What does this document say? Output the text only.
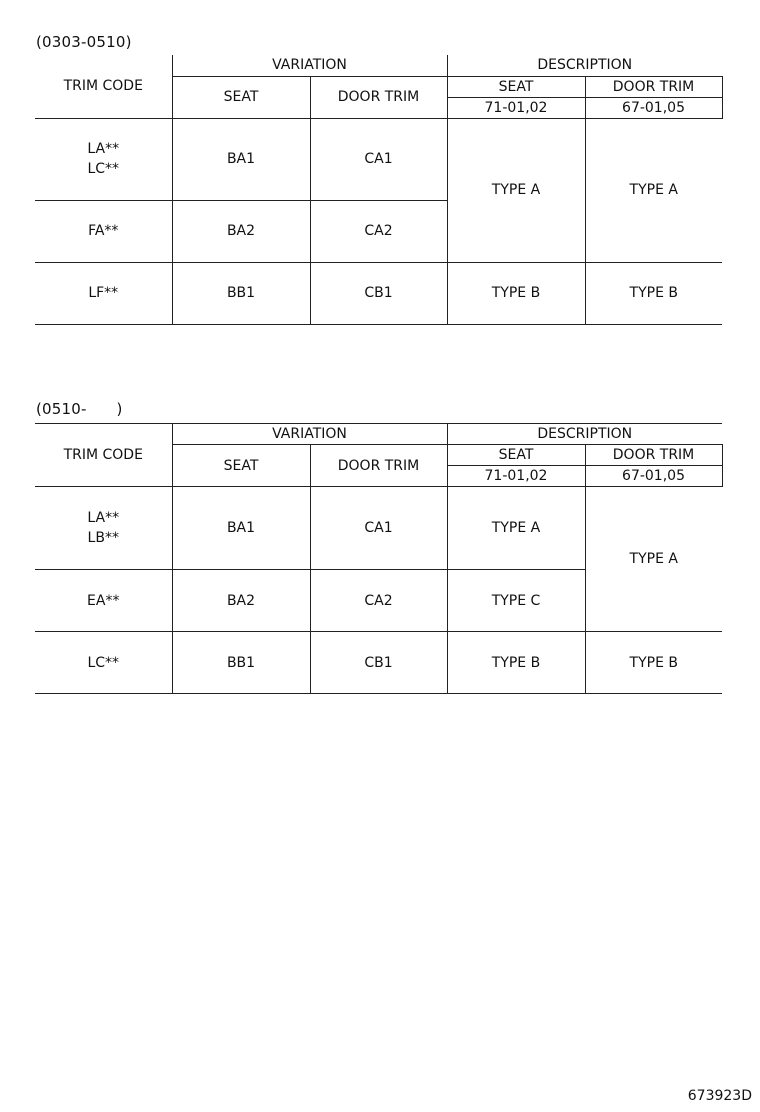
(0303-0510)
TRIM CODE	VARIATION		DESCRIPTION	
	SEAT	DOOR TRIM	SEAT	DOOR TRIM
			71-01,02	67-01,05

LA**
LC**	BA1	CA1	TYPE A	TYPE A

FA**	BA2	CA2		

LF**	BB1	CB1	TYPE B	TYPE B
(0510-      )
TRIM CODE	VARIATION		DESCRIPTION	
	SEAT	DOOR TRIM	SEAT	DOOR TRIM
			71-01,02	67-01,05

LA**
LB**	BA1	CA1	TYPE A	TYPE A

EA**	BA2	CA2	TYPE C	

LC**	BB1	CB1	TYPE B	TYPE B
673923D
